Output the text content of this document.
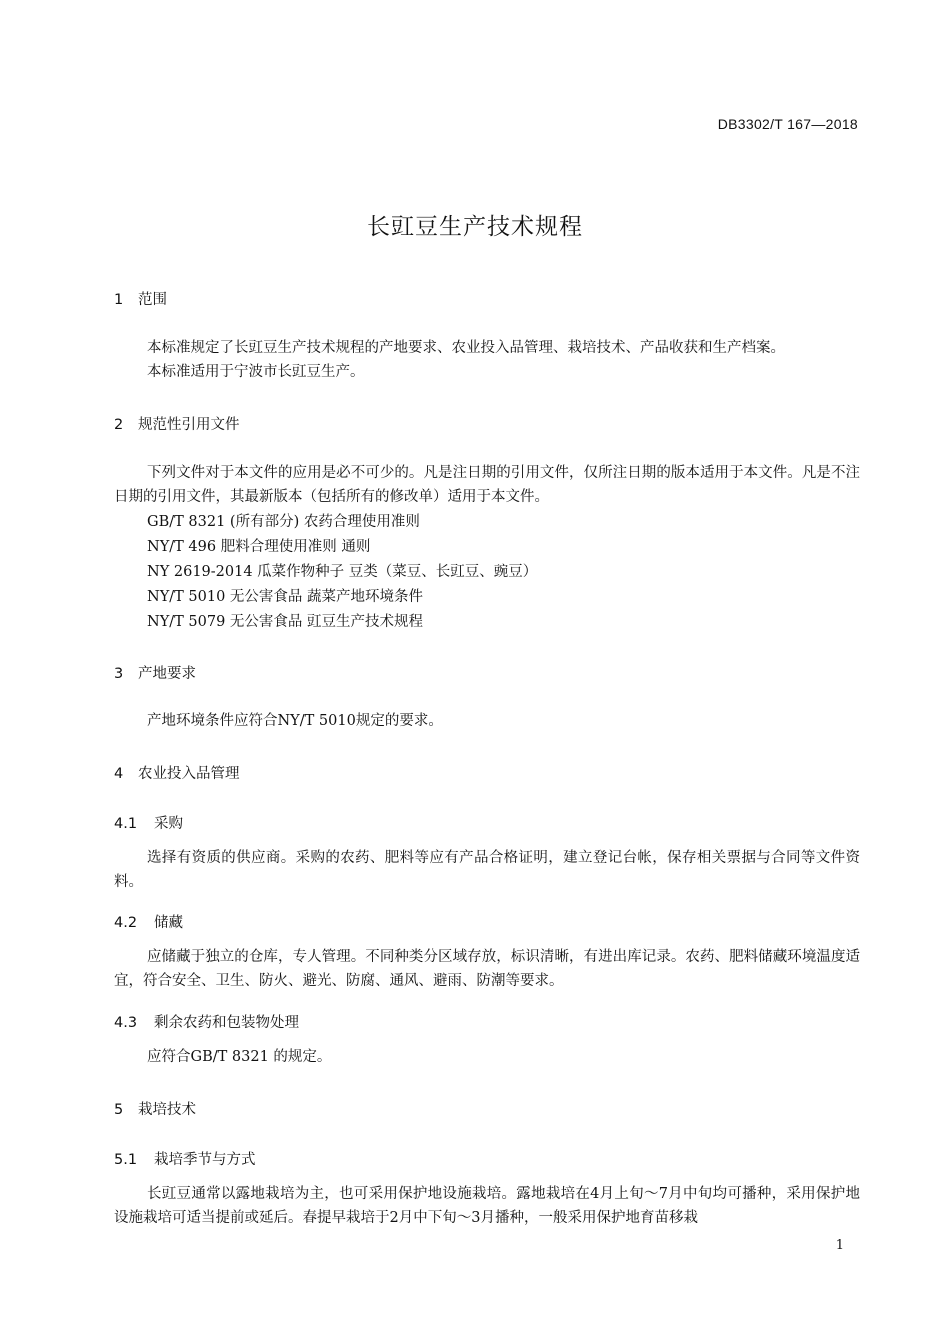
DB3302/T 167—2018
长豇豆生产技术规程
1 范围

本标准规定了长豇豆生产技术规程的产地要求、农业投入品管理、栽培技术、产品收获和生产档案。

本标准适用于宁波市长豇豆生产。

2 规范性引用文件

下列文件对于本文件的应用是必不可少的。凡是注日期的引用文件，仅所注日期的版本适用于本文件。凡是不注日期的引用文件，其最新版本（包括所有的修改单）适用于本文件。

GB/T 8321 (所有部分) 农药合理使用准则

NY/T 496 肥料合理使用准则 通则

NY 2619-2014 瓜菜作物种子 豆类（菜豆、长豇豆、豌豆）

NY/T 5010 无公害食品 蔬菜产地环境条件

NY/T 5079 无公害食品 豇豆生产技术规程

3 产地要求

产地环境条件应符合NY/T 5010规定的要求。

4 农业投入品管理
4.1 采购

选择有资质的供应商。采购的农药、肥料等应有产品合格证明，建立登记台帐，保存相关票据与合同等文件资料。

4.2 储藏

应储藏于独立的仓库，专人管理。不同种类分区域存放，标识清晰，有进出库记录。农药、肥料储藏环境温度适宜，符合安全、卫生、防火、避光、防腐、通风、避雨、防潮等要求。

4.3 剩余农药和包装物处理

应符合GB/T 8321 的规定。

5 栽培技术
5.1 栽培季节与方式

长豇豆通常以露地栽培为主，也可采用保护地设施栽培。露地栽培在4月上旬～7月中旬均可播种，采用保护地设施栽培可适当提前或延后。春提早栽培于2月中下旬～3月播种，一般采用保护地育苗移栽

1
